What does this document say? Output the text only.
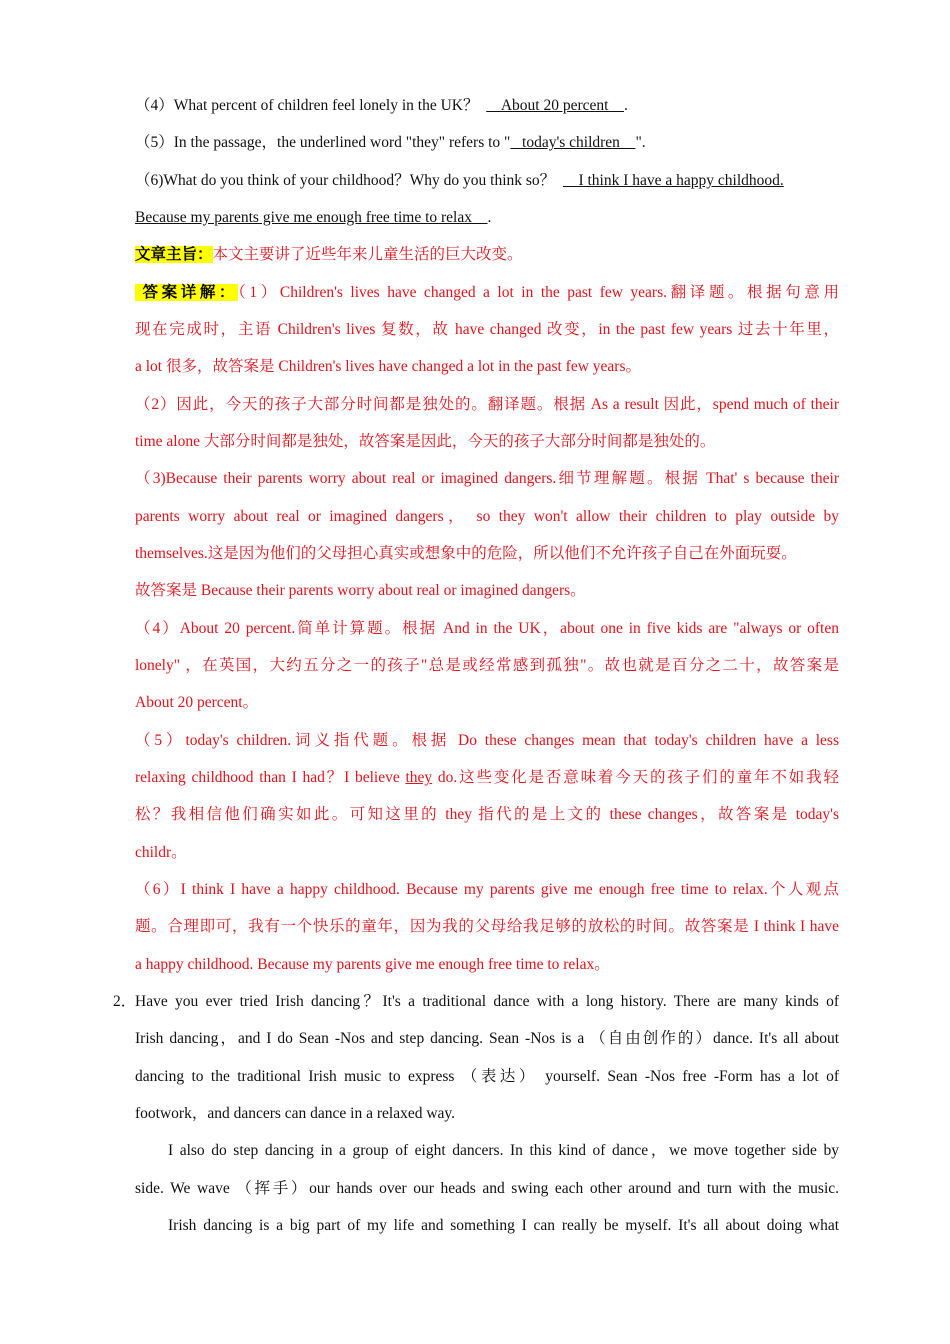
（4）What percent of children feel lonely in the UK？      About 20 percent    .
（5）In the passage，the underlined word "they" refers to "   today's children    ".
（6)What do you think of your childhood？Why do you think so？      I think I have a happy childhood.
Because my parents give me enough free time to relax    .
文章主旨：本文主要讲了近些年来儿童生活的巨大改变。
答案详解：（1）Children's lives have changed a lot in the past few years.翻译题。根据句意用
现在完成时，主语 Children's lives 复数，故 have changed 改变，in the past few years 过去十年里，
a lot 很多，故答案是 Children's lives have changed a lot in the past few years。
（2）因此，今天的孩子大部分时间都是独处的。翻译题。根据 As a result 因此，spend much of their
time alone 大部分时间都是独处，故答案是因此，今天的孩子大部分时间都是独处的。
（3)Because their parents worry about real or imagined dangers.细节理解题。根据 That' s because their
parents worry about real or imagined dangers， so they won't allow their children to play outside by
themselves.这是因为他们的父母担心真实或想象中的危险，所以他们不允许孩子自己在外面玩耍。
故答案是 Because their parents worry about real or imagined dangers。
（4）About 20 percent.简单计算题。根据 And in the UK，about one in five kids are "always or often
lonely" ，在英国，大约五分之一的孩子"总是或经常感到孤独"。故也就是百分之二十，故答案是
About 20 percent。
（5）today's children.词义指代题。根据 Do these changes mean that today's children have a less
relaxing childhood than I had？I believe they do.这些变化是否意味着今天的孩子们的童年不如我轻
松？我相信他们确实如此。可知这里的 they 指代的是上文的 these changes，故答案是 today's
childr。
（6）I think I have a happy childhood. Because my parents give me enough free time to relax.个人观点
题。合理即可，我有一个快乐的童年，因为我的父母给我足够的放松的时间。故答案是 I think I have
a happy childhood. Because my parents give me enough free time to relax。
2．
Have you ever tried Irish dancing？It's a traditional dance with a long history. There are many kinds of
Irish dancing，and I do Sean -Nos and step dancing. Sean -Nos is a （自由创作的）dance. It's all about
dancing to the traditional Irish music to express （表达） yourself. Sean -Nos free -Form has a lot of
footwork，and dancers can dance in a relaxed way.
I also do step dancing in a group of eight dancers. In this kind of dance，we move together side by
side. We wave （挥手）our hands over our heads and swing each other around and turn with the music.
Irish dancing is a big part of my life and something I can really be myself. It's all about doing what
